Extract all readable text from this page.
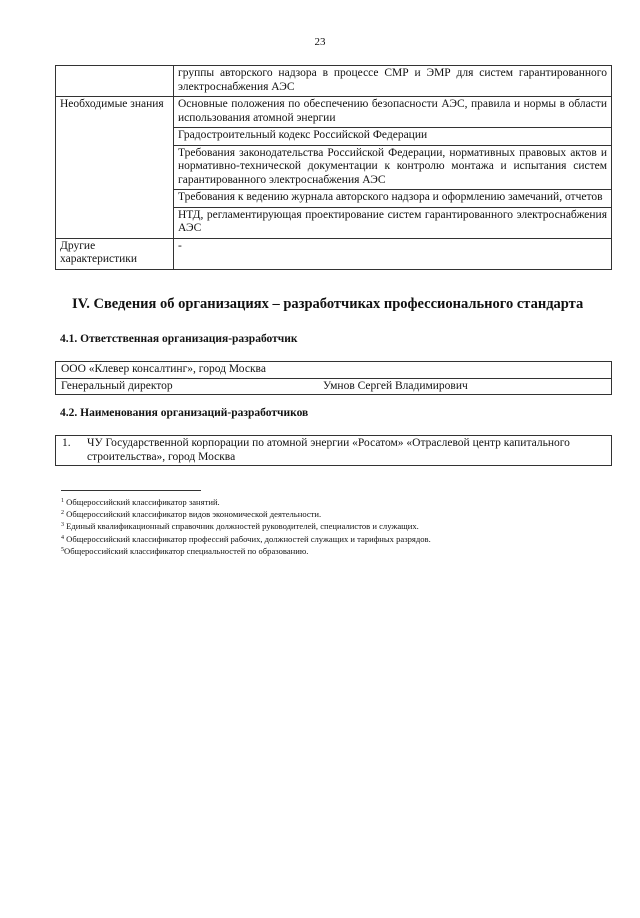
23
	группы авторского надзора в процессе СМР и ЭМР для систем гарантированного электроснабжения АЭС
Необходимые знания	Основные положения по обеспечению безопасности АЭС, правила и нормы в области использования атомной энергии
	Градостроительный кодекс Российской Федерации
	Требования законодательства Российской Федерации, нормативных правовых актов и нормативно-технической документации к контролю монтажа и испытания систем гарантированного электроснабжения АЭС
	Требования к ведению журнала авторского надзора и оформлению замечаний, отчетов
	НТД, регламентирующая проектирование систем гарантированного электроснабжения АЭС
Другие характеристики	-
IV. Сведения об организациях – разработчиках профессионального стандарта
4.1. Ответственная организация-разработчик
ООО «Клевер консалтинг», город Москва
Генеральный директор	Умнов Сергей Владимирович
4.2. Наименования организаций-разработчиков
1.	ЧУ Государственной корпорации по атомной энергии «Росатом» «Отраслевой центр капитального строительства», город Москва
$^1$ Общероссийский классификатор занятий.
$^2$ Общероссийский классификатор видов экономической деятельности.
$^3$ Единый квалификационный справочник должностей руководителей, специалистов и служащих.
$^4$ Общероссийский классификатор профессий рабочих, должностей служащих и тарифных разрядов.
$^5$Общероссийский классификатор специальностей по образованию.
